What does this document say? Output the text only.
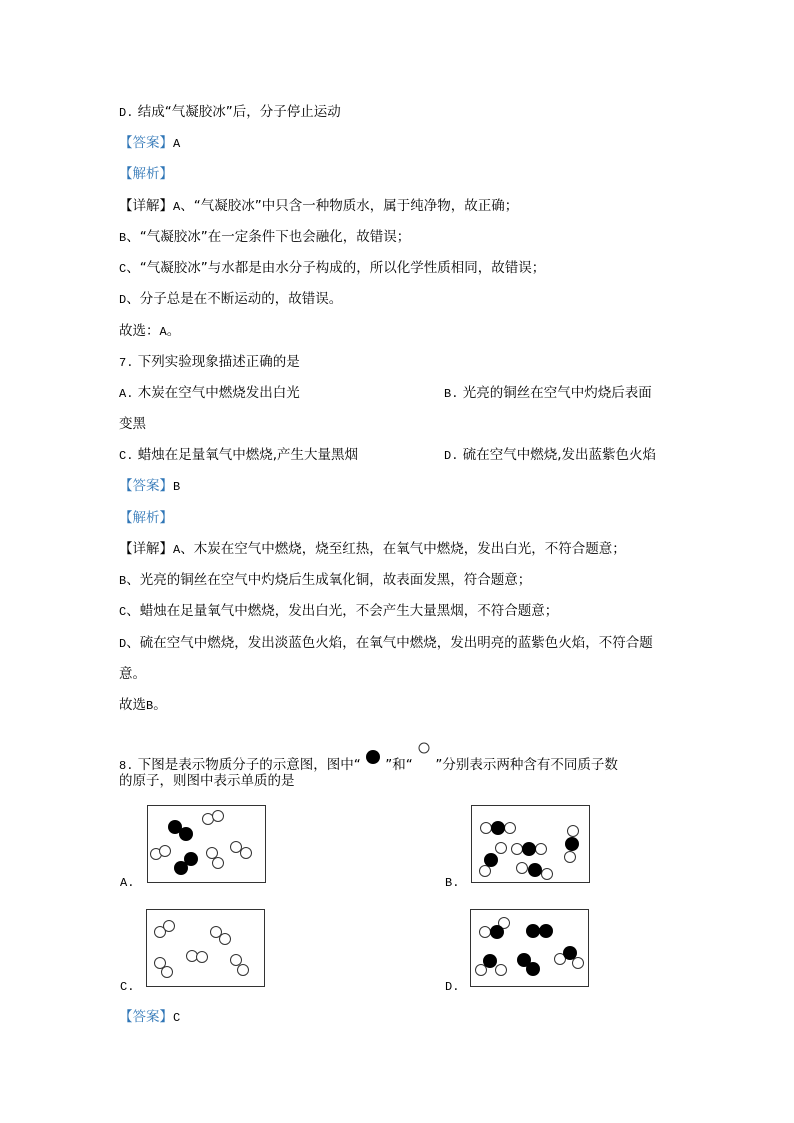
D. 结成“气凝胶冰”后，分子停止运动
【答案】A
【解析】
【详解】A、“气凝胶冰”中只含一种物质水，属于纯净物，故正确；
B、“气凝胶冰”在一定条件下也会融化，故错误；
C、“气凝胶冰”与水都是由水分子构成的，所以化学性质相同，故错误；
D、分子总是在不断运动的，故错误。
故选：A。
7. 下列实验现象描述正确的是
A. 木炭在空气中燃烧发出白光	B. 光亮的铜丝在空气中灼烧后表面
变黑
C. 蜡烛在足量氧气中燃烧,产生大量黑烟	D. 硫在空气中燃烧,发出蓝紫色火焰
【答案】B
【解析】
【详解】A、木炭在空气中燃烧，烧至红热，在氧气中燃烧，发出白光，不符合题意；
B、光亮的铜丝在空气中灼烧后生成氧化铜，故表面发黑，符合题意；
C、蜡烛在足量氧气中燃烧，发出白光，不会产生大量黑烟，不符合题意；
D、硫在空气中燃烧，发出淡蓝色火焰，在氧气中燃烧，发出明亮的蓝紫色火焰，不符合题
意。
故选B。
8. 下图是表示物质分子的示意图，图中“ ”和“ ”分别表示两种含有不同质子数
的原子，则图中表示单质的是
A.	B.
C.	D.
【答案】C
